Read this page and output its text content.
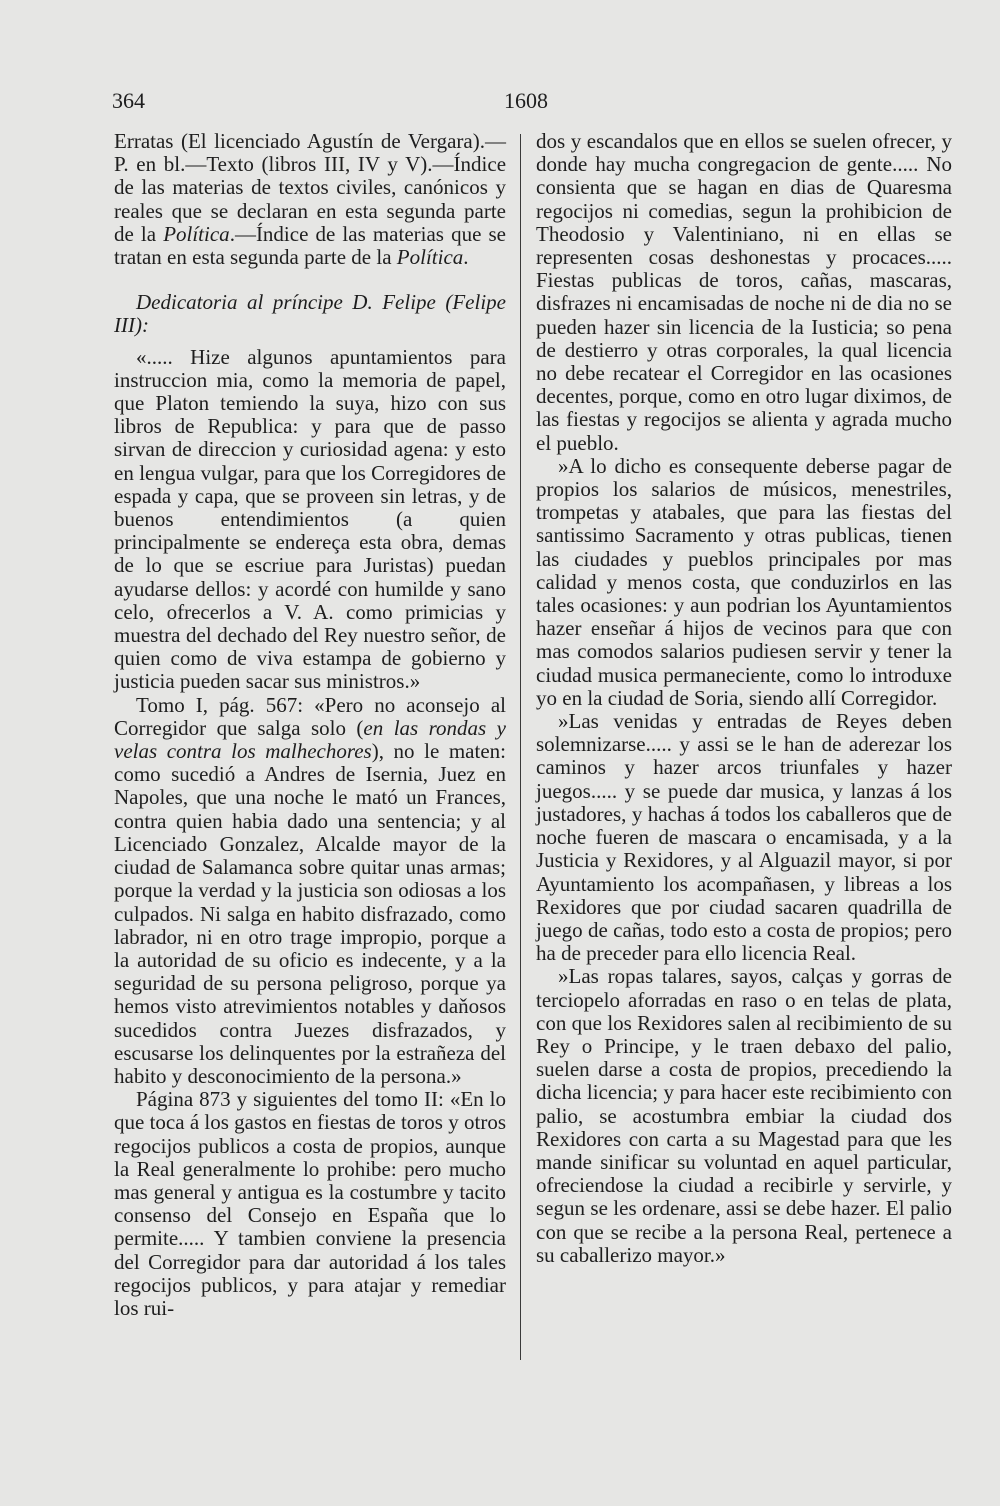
364	1608

Erratas (El licenciado Agustín de Vergara).—P. en bl.—Texto (libros III, IV y V).—Índice de las materias de textos civiles, canónicos y reales que se declaran en esta segunda parte de la Política.—Índice de las materias que se tratan en esta segunda parte de la Política.

Dedicatoria al príncipe D. Felipe (Felipe III):

«..... Hize algunos apuntamientos para instruccion mia, como la memoria de papel, que Platon temiendo la suya, hizo con sus libros de Republica: y para que de passo sirvan de direccion y curiosidad agena: y esto en lengua vulgar, para que los Corregidores de espada y capa, que se proveen sin letras, y de buenos entendimientos (a quien principalmente se endereça esta obra, demas de lo que se escriue para Juristas) puedan ayudarse dellos: y acordé con humilde y sano celo, ofrecerlos a V. A. como primicias y muestra del dechado del Rey nuestro señor, de quien como de viva estampa de gobierno y justicia pueden sacar sus ministros.»

Tomo I, pág. 567: «Pero no aconsejo al Corregidor que salga solo (en las rondas y velas contra los malhechores), no le maten: como sucedió a Andres de Isernia, Juez en Napoles, que una noche le mató un Frances, contra quien habia dado una sentencia; y al Licenciado Gonzalez, Alcalde mayor de la ciudad de Salamanca sobre quitar unas armas; porque la verdad y la justicia son odiosas a los culpados. Ni salga en habito disfrazado, como labrador, ni en otro trage impropio, porque a la autoridad de su oficio es indecente, y a la seguridad de su persona peligroso, porque ya hemos visto atrevimientos notables y daňosos sucedidos contra Juezes disfrazados, y escusarse los delinquentes por la estrañeza del habito y desconocimiento de la persona.»

Página 873 y siguientes del tomo II: «En lo que toca á los gastos en fiestas de toros y otros regocijos publicos a costa de propios, aunque la Real generalmente lo prohibe: pero mucho mas general y antigua es la costumbre y tacito consenso del Consejo en España que lo permite..... Y tambien conviene la presencia del Corregidor para dar autoridad á los tales regocijos publicos, y para atajar y remediar los rui-

dos y escandalos que en ellos se suelen ofrecer, y donde hay mucha congregacion de gente..... No consienta que se hagan en dias de Quaresma regocijos ni comedias, segun la prohibicion de Theodosio y Valentiniano, ni en ellas se representen cosas deshonestas y procaces..... Fiestas publicas de toros, cañas, mascaras, disfrazes ni encamisadas de noche ni de dia no se pueden hazer sin licencia de la Iusticia; so pena de destierro y otras corporales, la qual licencia no debe recatear el Corregidor en las ocasiones decentes, porque, como en otro lugar diximos, de las fiestas y regocijos se alienta y agrada mucho el pueblo.

»A lo dicho es consequente deberse pagar de propios los salarios de músicos, menestriles, trompetas y atabales, que para las fiestas del santissimo Sacramento y otras publicas, tienen las ciudades y pueblos principales por mas calidad y menos costa, que conduzirlos en las tales ocasiones: y aun podrian los Ayuntamientos hazer enseñar á hijos de vecinos para que con mas comodos salarios pudiesen servir y tener la ciudad musica permaneciente, como lo introduxe yo en la ciudad de Soria, siendo allí Corregidor.

»Las venidas y entradas de Reyes deben solemnizarse..... y assi se le han de aderezar los caminos y hazer arcos triunfales y hazer juegos..... y se puede dar musica, y lanzas á los justadores, y hachas á todos los caballeros que de noche fueren de mascara o encamisada, y a la Justicia y Rexidores, y al Alguazil mayor, si por Ayuntamiento los acompañasen, y libreas a los Rexidores que por ciudad sacaren quadrilla de juego de cañas, todo esto a costa de propios; pero ha de preceder para ello licencia Real.

»Las ropas talares, sayos, calças y gorras de terciopelo aforradas en raso o en telas de plata, con que los Rexidores salen al recibimiento de su Rey o Principe, y le traen debaxo del palio, suelen darse a costa de propios, precediendo la dicha licencia; y para hacer este recibimiento con palio, se acostumbra embiar la ciudad dos Rexidores con carta a su Magestad para que les mande sinificar su voluntad en aquel particular, ofreciendose la ciudad a recibirle y servirle, y segun se les ordenare, assi se debe hazer. El palio con que se recibe a la persona Real, pertenece a su caballerizo mayor.»
